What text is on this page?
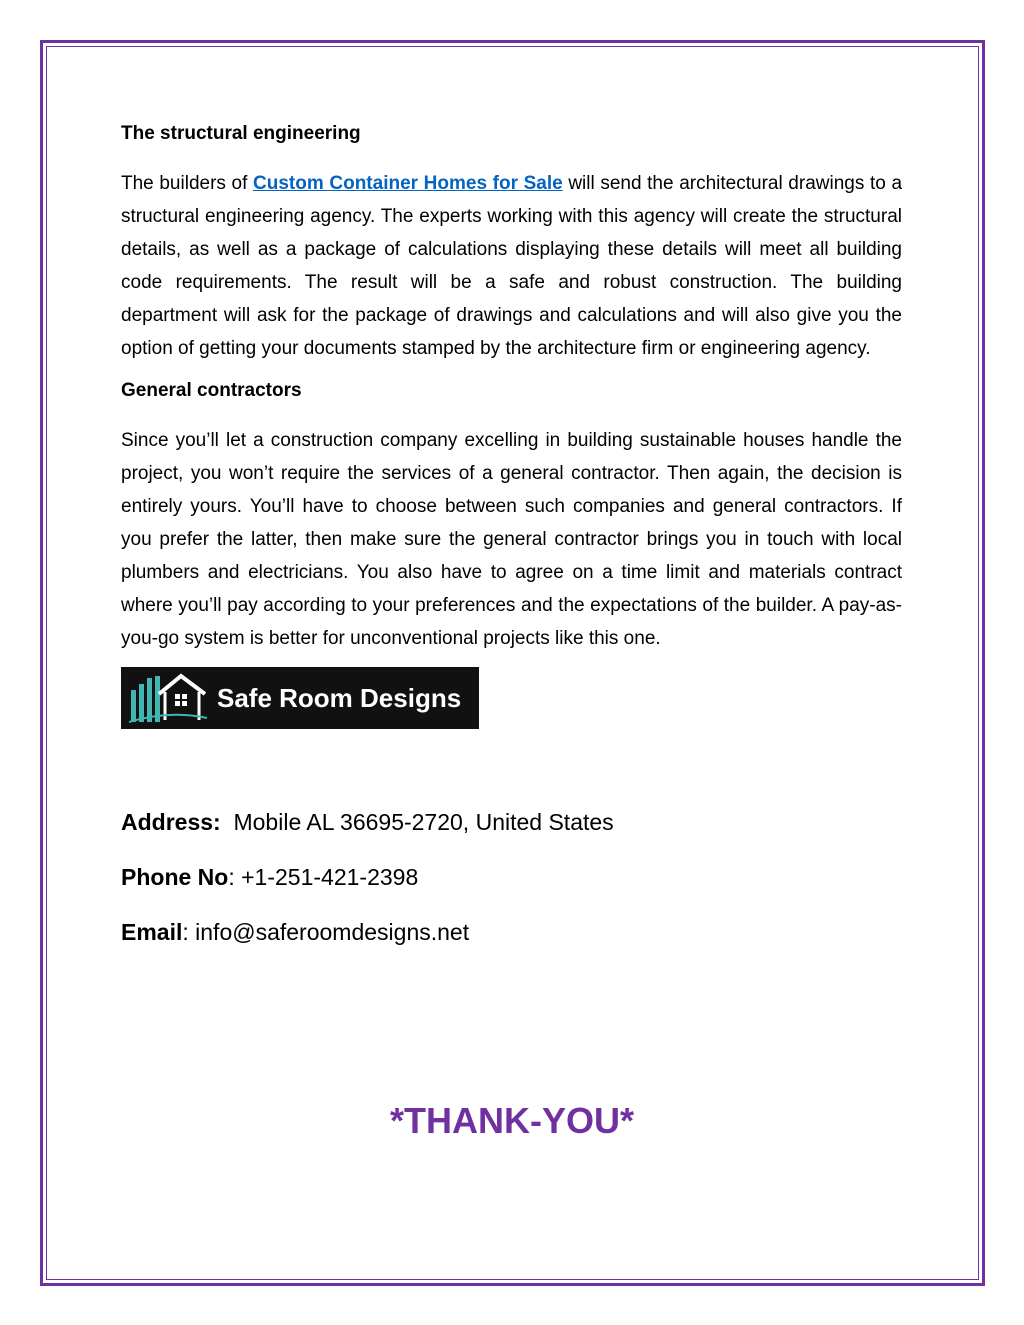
The structural engineering

The builders of Custom Container Homes for Sale will send the architectural drawings to a structural engineering agency. The experts working with this agency will create the structural details, as well as a package of calculations displaying these details will meet all building code requirements. The result will be a safe and robust construction. The building department will ask for the package of drawings and calculations and will also give you the option of getting your documents stamped by the architecture firm or engineering agency.

General contractors

Since you’ll let a construction company excelling in building sustainable houses handle the project, you won’t require the services of a general contractor. Then again, the decision is entirely yours. You’ll have to choose between such companies and general contractors. If you prefer the latter, then make sure the general contractor brings you in touch with local plumbers and electricians. You also have to agree on a time limit and materials contract where you’ll pay according to your preferences and the expectations of the builder. A pay-as-you-go system is better for unconventional projects like this one.

Safe Room Designs
Address: Mobile AL 36695-2720, United States
Phone No: +1-251-421-2398
Email: info@saferoomdesigns.net
*THANK-YOU*
